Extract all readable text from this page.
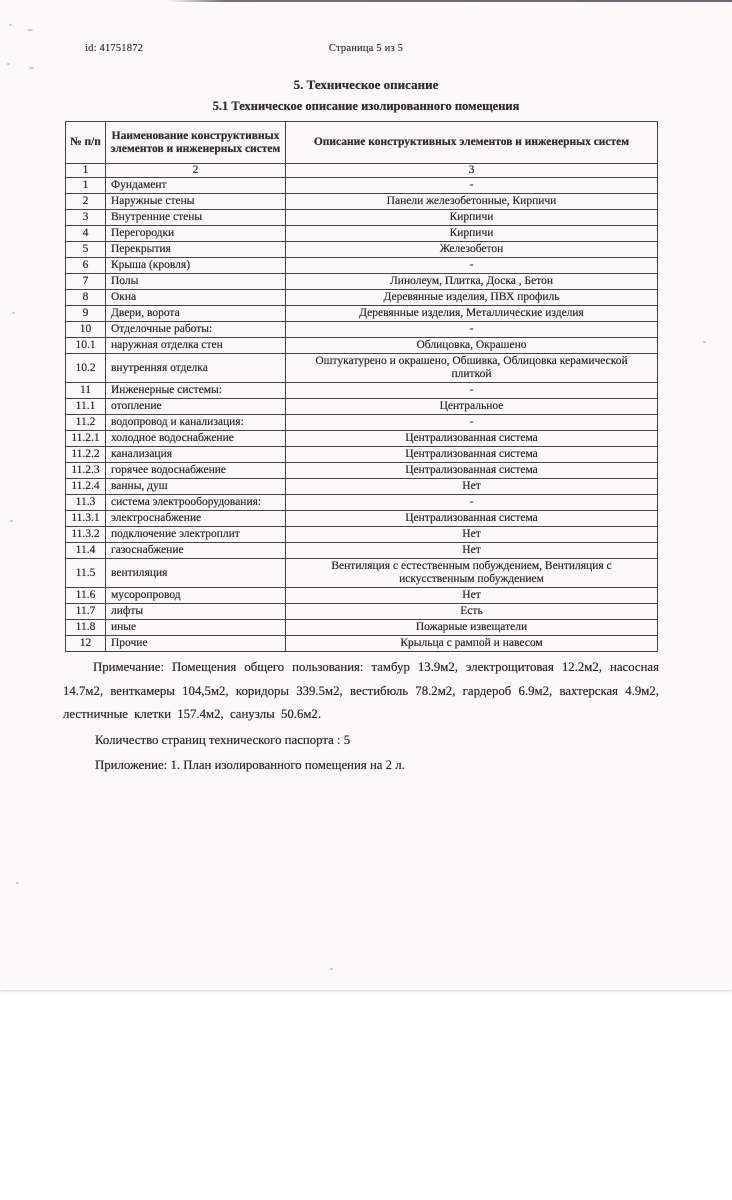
id: 41751872	Страница 5 из 5
5. Техническое описание
5.1 Техническое описание изолированного помещения
№ п/п	Наименование конструктивных элементов и инженерных систем	Описание конструктивных элементов и инженерных систем
1	2	3
1	Фундамент	-
2	Наружные стены	Панели железобетонные, Кирпичи
3	Внутренние стены	Кирпичи
4	Перегородки	Кирпичи
5	Перекрытия	Железобетон
6	Крыша (кровля)	-
7	Полы	Линолеум, Плитка, Доска , Бетон
8	Окна	Деревянные изделия, ПВХ профиль
9	Двери, ворота	Деревянные изделия, Металлические изделия
10	Отделочные работы:	-
10.1	наружная отделка стен	Облицовка, Окрашено
10.2	внутренняя отделка	Оштукатурено и окрашено, Обшивка, Облицовка керамической плиткой
11	Инженерные системы:	-
11.1	отопление	Центральное
11.2	водопровод и канализация:	-
11.2.1	холодное водоснабжение	Централизованная система
11.2.2	канализация	Централизованная система
11.2.3	горячее водоснабжение	Централизованная система
11.2.4	ванны, душ	Нет
11.3	система электрооборудования:	-
11.3.1	электроснабжение	Централизованная система
11.3.2	подключение электроплит	Нет
11.4	газоснабжение	Нет
11.5	вентиляция	Вентиляция с естественным побуждением, Вентиляция с искусственным побуждением
11.6	мусоропровод	Нет
11.7	лифты	Есть
11.8	иные	Пожарные извещатели
12	Прочие	Крыльца с рампой и навесом

Примечание: Помещения общего пользования: тамбур 13.9м2, электрощитовая 12.2м2, насосная 14.7м2, венткамеры 104,5м2, коридоры 339.5м2, вестибюль 78.2м2, гардероб 6.9м2, вахтерская 4.9м2, лестничные клетки 157.4м2, санузлы 50.6м2.

Количество страниц технического паспорта : 5

Приложение: 1. План изолированного помещения на 2 л.
